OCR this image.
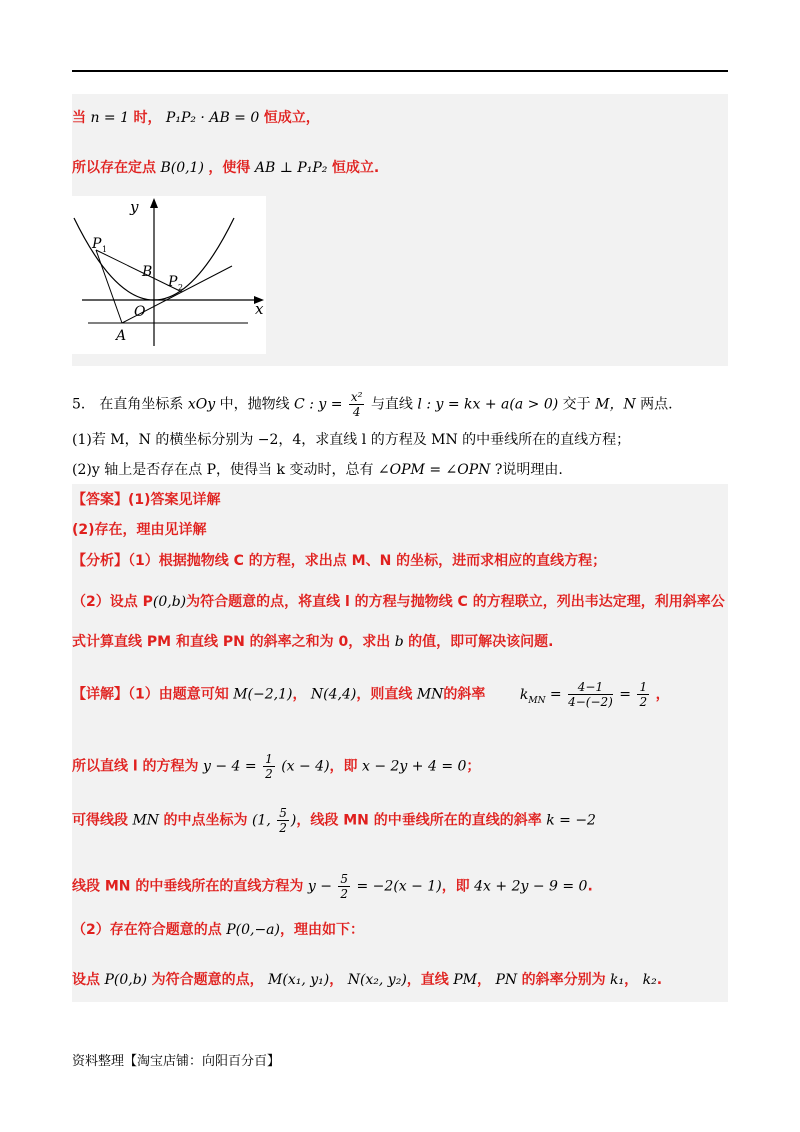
当 n = 1 时， P₁P₂ · AB = 0 恒成立，
所以存在定点 B(0,1) ，使得 AB ⊥ P₁P₂ 恒成立.
y
x
P 1
B
P 2
O
A
5． 在直角坐标系 xOy 中，抛物线 C : $y = \frac{\text{x²}}{4}$ 与直线 l : y = kx + a(a > 0) 交于 M，N 两点.
(1)若 M，N 的横坐标分别为 −2，4，求直线 l 的方程及 MN 的中垂线所在的直线方程；
(2)y 轴上是否存在点 P，使得当 k 变动时，总有 ∠OPM = ∠OPN ?说明理由.
【答案】(1)答案见详解
(2)存在，理由见详解
【分析】（1）根据抛物线 C 的方程，求出点 M、N 的坐标，进而求相应的直线方程；
（2）设点 P(0,b)为符合题意的点，将直线 l 的方程与抛物线 C 的方程联立，列出韦达定理，利用斜率公
式计算直线 PM 和直线 PN 的斜率之和为 0，求出 b 的值，即可解决该问题.
【详解】（1）由题意可知 M(−2,1)， N(4,4)，则直线 MN的斜率 $k_{MN} = \frac{4-1}{4-(-2)} = \frac{1}{2}$ ，
所以直线 l 的方程为 $y - 4 = \frac{1}{2} (x - 4)$，即 x − 2y + 4 = 0；
可得线段 MN 的中点坐标为 (1, $\frac{5}{2}$ )，线段 MN 的中垂线所在的直线的斜率 k = −2
线段 MN 的中垂线所在的直线方程为 $y - \frac{5}{2} = -2(x - 1)$，即 4x + 2y − 9 = 0.
（2）存在符合题意的点 P(0,−a)，理由如下：
设点 P(0,b) 为符合题意的点， M(x₁, y₁)， N(x₂, y₂)，直线 PM， PN 的斜率分别为 k₁， k₂.
资料整理【淘宝店铺：向阳百分百】
